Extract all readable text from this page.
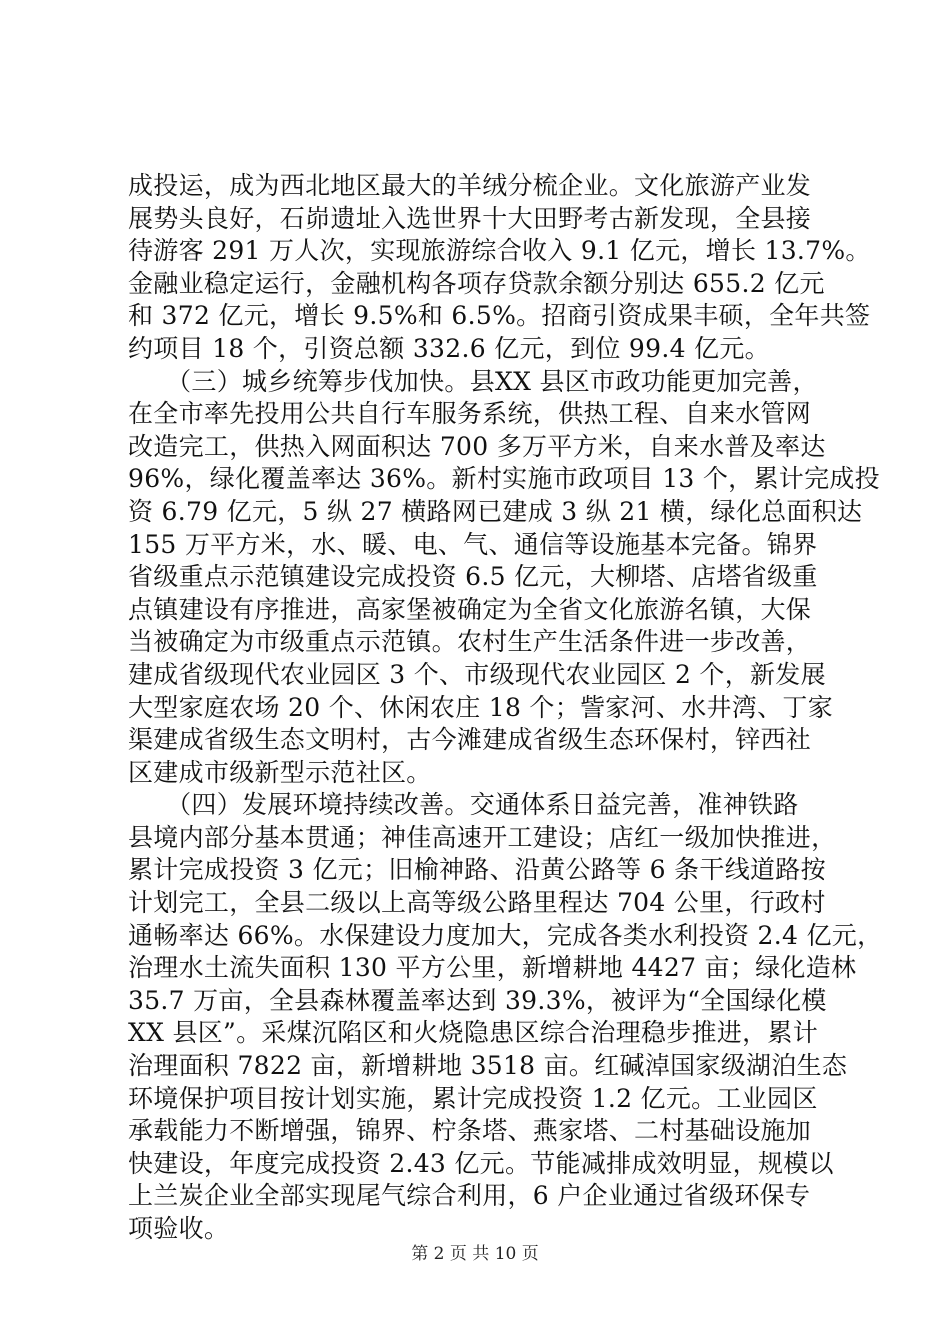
成投运，成为西北地区最大的羊绒分梳企业。文化旅游产业发
展势头良好，石峁遗址入选世界十大田野考古新发现，全县接
待游客 291 万人次，实现旅游综合收入 9.1 亿元，增长 13.7%。
金融业稳定运行，金融机构各项存贷款余额分别达 655.2 亿元
和 372 亿元，增长 9.5%和 6.5%。招商引资成果丰硕，全年共签
约项目 18 个，引资总额 332.6 亿元，到位 99.4 亿元。
　　（三）城乡统筹步伐加快。县XX 县区市政功能更加完善，
在全市率先投用公共自行车服务系统，供热工程、自来水管网
改造完工，供热入网面积达 700 多万平方米，自来水普及率达
96%，绿化覆盖率达 36%。新村实施市政项目 13 个，累计完成投
资 6.79 亿元，5 纵 27 横路网已建成 3 纵 21 横，绿化总面积达
155 万平方米，水、暖、电、气、通信等设施基本完备。锦界
省级重点示范镇建设完成投资 6.5 亿元，大柳塔、店塔省级重
点镇建设有序推进，高家堡被确定为全省文化旅游名镇，大保
当被确定为市级重点示范镇。农村生产生活条件进一步改善，
建成省级现代农业园区 3 个、市级现代农业园区 2 个，新发展
大型家庭农场 20 个、休闲农庄 18 个；訾家河、水井湾、丁家
渠建成省级生态文明村，古今滩建成省级生态环保村，锌西社
区建成市级新型示范社区。
　　（四）发展环境持续改善。交通体系日益完善，准神铁路
县境内部分基本贯通；神佳高速开工建设；店红一级加快推进，
累计完成投资 3 亿元；旧榆神路、沿黄公路等 6 条干线道路按
计划完工，全县二级以上高等级公路里程达 704 公里，行政村
通畅率达 66%。水保建设力度加大，完成各类水利投资 2.4 亿元，
治理水土流失面积 130 平方公里，新增耕地 4427 亩；绿化造林
35.7 万亩，全县森林覆盖率达到 39.3%，被评为“全国绿化模
XX 县区”。采煤沉陷区和火烧隐患区综合治理稳步推进，累计
治理面积 7822 亩，新增耕地 3518 亩。红碱淖国家级湖泊生态
环境保护项目按计划实施，累计完成投资 1.2 亿元。工业园区
承载能力不断增强，锦界、柠条塔、燕家塔、二村基础设施加
快建设，年度完成投资 2.43 亿元。节能减排成效明显，规模以
上兰炭企业全部实现尾气综合利用，6 户企业通过省级环保专
项验收。
第 2 页 共 10 页
